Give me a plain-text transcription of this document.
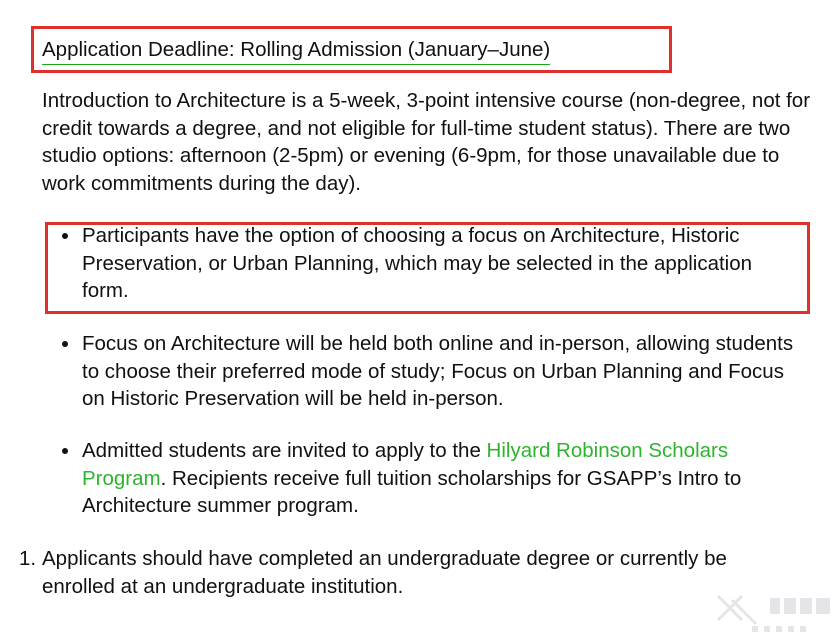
Application Deadline: Rolling Admission (January–June)

Introduction to Architecture is a 5-week, 3-point intensive course (non-degree, not for credit towards a degree, and not eligible for full-time student status). There are two studio options: afternoon (2-5pm) or evening (6-9pm, for those unavailable due to work commitments during the day).

Participants have the option of choosing a focus on Architecture, Historic Preservation, or Urban Planning, which may be selected in the application form.
Focus on Architecture will be held both online and in-person, allowing students to choose their preferred mode of study; Focus on Urban Planning and Focus on Historic Preservation will be held in-person.
Admitted students are invited to apply to the Hilyard Robinson Scholars Program. Recipients receive full tuition scholarships for GSAPP’s Intro to Architecture summer program.
1. Applicants should have completed an undergraduate degree or currently be enrolled at an undergraduate institution.
